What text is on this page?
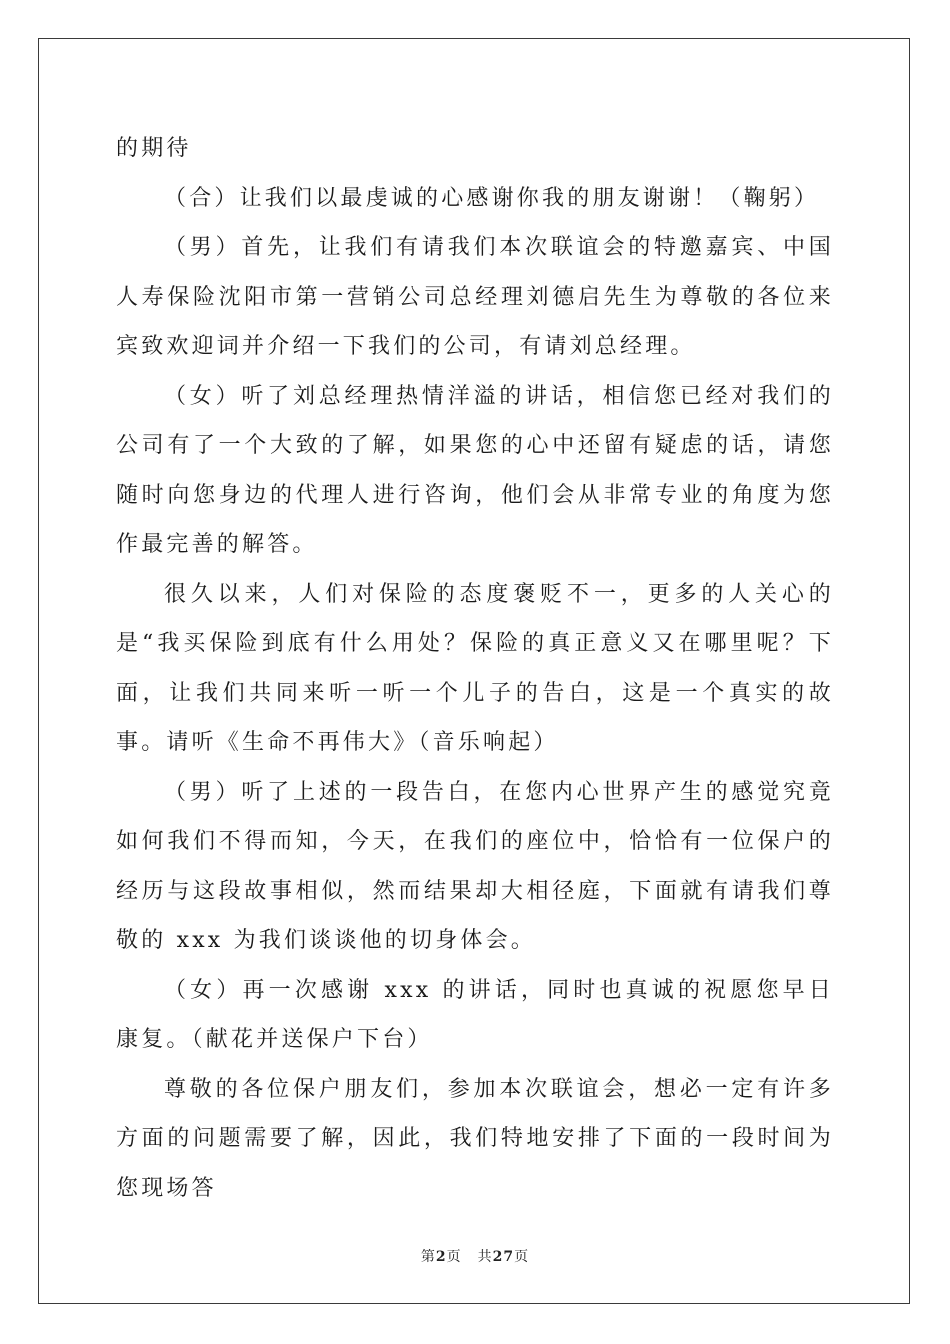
的期待

（合）让我们以最虔诚的心感谢你我的朋友谢谢！（鞠躬）

（男）首先，让我们有请我们本次联谊会的特邀嘉宾、中国人寿保险沈阳市第一营销公司总经理刘德启先生为尊敬的各位来宾致欢迎词并介绍一下我们的公司，有请刘总经理。

（女）听了刘总经理热情洋溢的讲话，相信您已经对我们的公司有了一个大致的了解，如果您的心中还留有疑虑的话，请您随时向您身边的代理人进行咨询，他们会从非常专业的角度为您作最完善的解答。

很久以来，人们对保险的态度褒贬不一，更多的人关心的是“我买保险到底有什么用处？保险的真正意义又在哪里呢？下面，让我们共同来听一听一个儿子的告白，这是一个真实的故事。请听《生命不再伟大》（音乐响起）

（男）听了上述的一段告白，在您内心世界产生的感觉究竟如何我们不得而知，今天，在我们的座位中，恰恰有一位保户的经历与这段故事相似，然而结果却大相径庭，下面就有请我们尊敬的 xxx 为我们谈谈他的切身体会。

（女）再一次感谢 xxx 的讲话，同时也真诚的祝愿您早日康复。（献花并送保户下台）

尊敬的各位保户朋友们，参加本次联谊会，想必一定有许多方面的问题需要了解，因此，我们特地安排了下面的一段时间为您现场答

第2页 共27页
